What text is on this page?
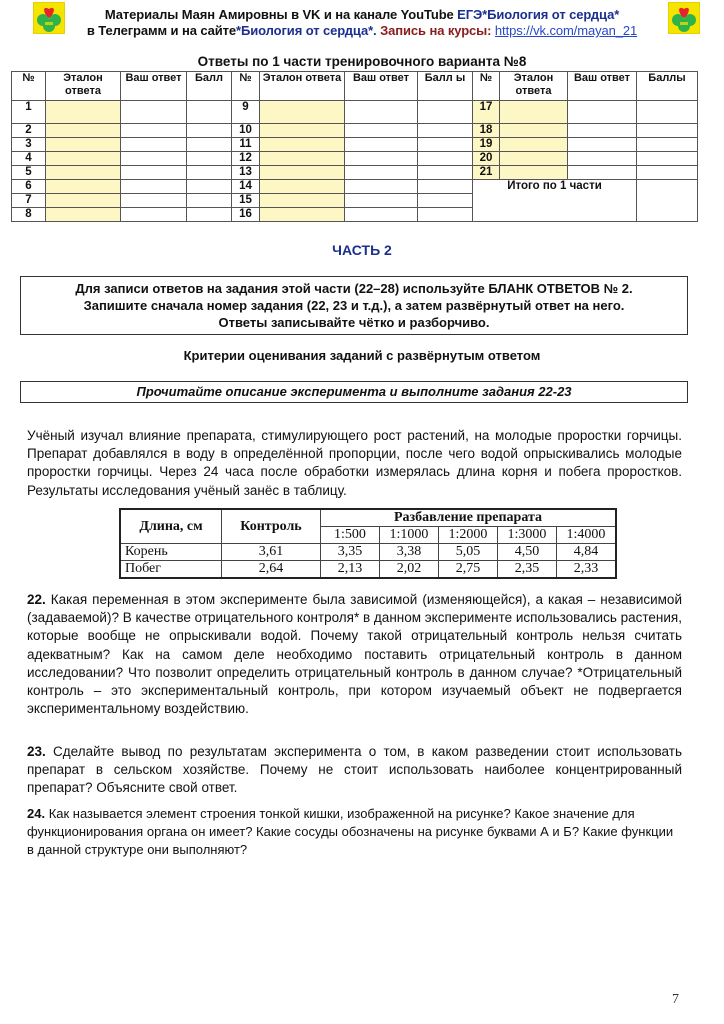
Материалы Маян Амировны в VK и на канале YouTube ЕГЭ*Биология от сердца*
в Телеграмм и на сайте*Биология от сердца*. Запись на курсы: https://vk.com/mayan_21
Ответы по 1 части тренировочного варианта №8
№	Эталон ответа	Ваш ответ	Балл	№	Эталон ответа	Ваш ответ	Балл ы	№	Эталон ответа	Ваш ответ	Баллы
1				9				17			
2				10				18			
3				11				19			
4				12				20			
5				13				21			
6				14				Итого по 1 части			
7				15							
8				16							
ЧАСТЬ 2
Для записи ответов на задания этой части (22–28) используйте БЛАНК ОТВЕТОВ № 2.
Запишите сначала номер задания (22, 23 и т.д.), а затем развёрнутый ответ на него.
Ответы записывайте чётко и разборчиво.
Критерии оценивания заданий с развёрнутым ответом
Прочитайте описание эксперимента и выполните задания 22-23
Учёный изучал влияние препарата, стимулирующего рост растений, на молодые проростки горчицы. Препарат добавлялся в воду в определённой пропорции, после чего водой опрыскивались молодые проростки горчицы. Через 24 часа после обработки измерялась длина корня и побега проростков. Результаты исследования учёный занёс в таблицу.
Длина, см	Контроль	Разбавление препарата				
		1:500	1:1000	1:2000	1:3000	1:4000
Корень	3,61	3,35	3,38	5,05	4,50	4,84
Побег	2,64	2,13	2,02	2,75	2,35	2,33
22. Какая переменная в этом эксперименте была зависимой (изменяющейся), а какая – независимой (задаваемой)? В качестве отрицательного контроля* в данном эксперименте использовались растения, которые вообще не опрыскивали водой. Почему такой отрицательный контроль нельзя считать адекватным? Как на самом деле необходимо поставить отрицательный контроль в данном исследовании? Что позволит определить отрицательный контроль в данном случае? *Отрицательный контроль – это экспериментальный контроль, при котором изучаемый объект не подвергается экспериментальному воздействию.
23. Сделайте вывод по результатам эксперимента о том, в каком разведении стоит использовать препарат в сельском хозяйстве. Почему не стоит использовать наиболее концентрированный препарат? Объясните свой ответ.
24. Как называется элемент строения тонкой кишки, изображенной на рисунке? Какое значение для функционирования органа он имеет? Какие сосуды обозначены на рисунке буквами А и Б? Какие функции в данной структуре они выполняют?
7
